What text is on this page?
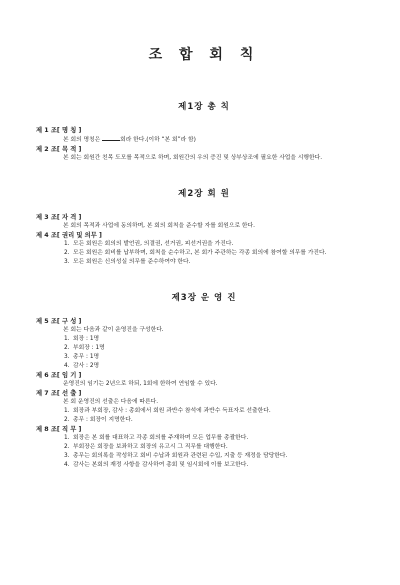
조 합 회 칙
제1장 총 칙
제 1 조[ 명 칭 ]
본 회의 명칭은	회라 한다.(이하 “본 회”라 함)
제 2 조[ 목 적 ]
본 회는 회원간 친목 도모를 목적으로 하며, 회원간의 우의 증진 및 상부상조에 필요한 사업을 시행한다.
제2장 회 원
제 3 조[ 자 격 ]
본 회의 목적과 사업에 동의하며, 본 회의 회칙을 준수할 자를 회원으로 한다.
제 4 조[ 권리 및 의무 ]
1. 모든 회원은 회의의 발언권, 의결권, 선거권, 피선거권을 가진다.
2. 모든 회원은 회비를 납부하며, 회칙을 순수하고, 본 회가 주관하는 각종 회의에 참여할 의무를 가진다.
3. 모든 회원은 신의성실 의무를 준수하여야 한다.
제3장 운 영 진
제 5 조[ 구 성 ]
본 회는 다음과 같이 운영진을 구성한다.
1. 회장 : 1명
2. 부회장 : 1명
3. 총무 : 1명
4. 감사 : 2명
제 6 조[ 임 기 ]
운영진의 임기는 2년으로 하되, 1회에 한하여 연임할 수 있다.
제 7 조[ 선 출 ]
본 회 운영진의 선출은 다음에 따른다.
1. 회장과 부회장, 감사 : 총회에서 회원 과반수 참석에 과반수 득표자로 선출한다.
2. 총무 : 회장이 지명한다.
제 8 조[ 직 무 ]
1. 회장은 본 회를 대표하고 각종 회의를 주재하며 모든 업무를 총괄한다.
2. 부회장은 회장을 보좌하고 회장의 유고시 그 직무를 대행한다.
3. 총무는 회의록을 작성하고 회비 수납과 회원과 관련된 수입, 지출 등 재정을 담당한다.
4. 감사는 본회의 재정 사항을 감사하여 총회 및 임시회에 이를 보고한다.
